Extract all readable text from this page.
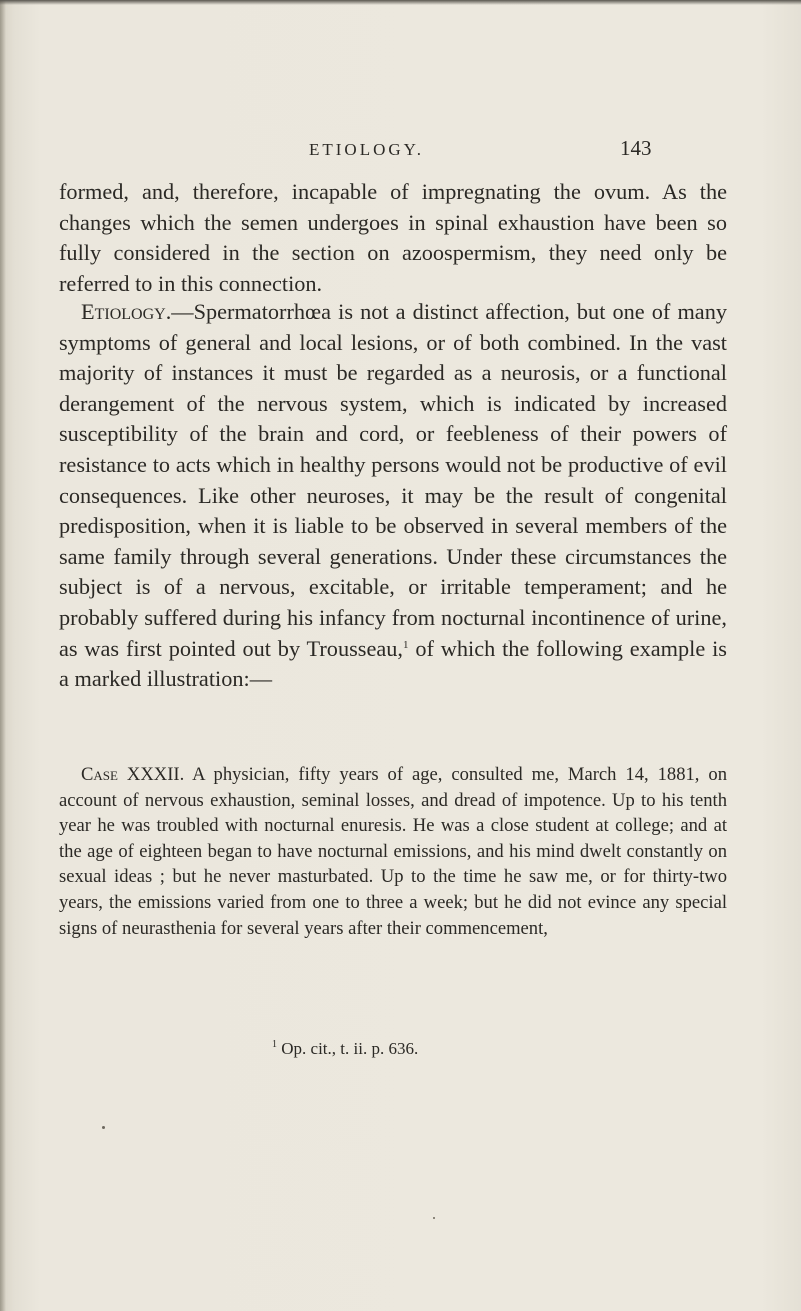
ETIOLOGY.	143

formed, and, therefore, incapable of impregnating the ovum. As the changes which the semen undergoes in spinal exhaustion have been so fully considered in the section on azoospermism, they need only be referred to in this connection.

Etiology.—Spermatorrhœa is not a distinct affection, but one of many symptoms of general and local lesions, or of both combined. In the vast majority of instances it must be regarded as a neurosis, or a functional derangement of the nervous system, which is indicated by increased susceptibility of the brain and cord, or feebleness of their powers of resistance to acts which in healthy persons would not be productive of evil consequences. Like other neuroses, it may be the result of congenital predisposition, when it is liable to be observed in several members of the same family through several generations. Under these circumstances the subject is of a nervous, excitable, or irritable temperament; and he probably suffered during his infancy from nocturnal incontinence of urine, as was first pointed out by Trousseau,$^1$ of which the following example is a marked illustration:—

Case XXXII. A physician, fifty years of age, consulted me, March 14, 1881, on account of nervous exhaustion, seminal losses, and dread of impotence. Up to his tenth year he was troubled with nocturnal enuresis. He was a close student at college; and at the age of eighteen began to have nocturnal emissions, and his mind dwelt constantly on sexual ideas ; but he never masturbated. Up to the time he saw me, or for thirty-two years, the emissions varied from one to three a week; but he did not evince any special signs of neurasthenia for several years after their commencement,

$^1$ Op. cit., t. ii. p. 636.
